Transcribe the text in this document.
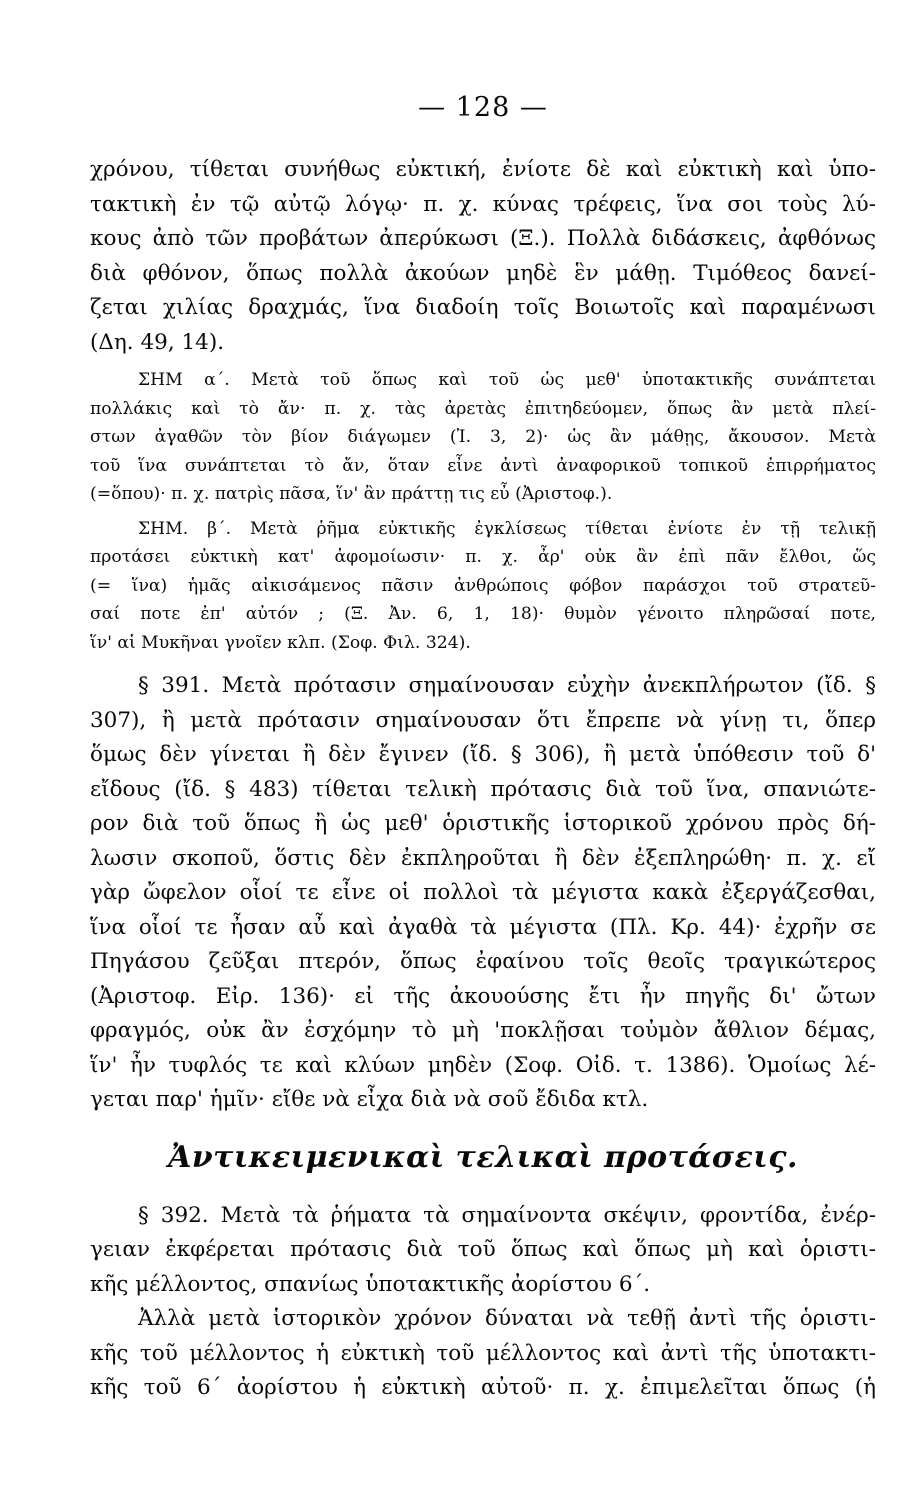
— 128 —
χρόνου, τίθεται συνήθως εὐκτική, ἐνίοτε δὲ καὶ εὐκτικὴ καὶ ὑπο-
τακτικὴ ἐν τῷ αὐτῷ λόγῳ· π. χ. κύνας τρέφεις, ἵνα σοι τοὺς λύ-
κους ἀπὸ τῶν προβάτων ἀπερύκωσι (Ξ.). Πολλὰ διδάσκεις, ἀφθόνως
διὰ φθόνον, ὅπως πολλὰ ἀκούων μηδὲ ἓν μάθῃ. Τιμόθεος δανεί-
ζεται χιλίας δραχμάς, ἵνα διαδοίη τοῖς Βοιωτοῖς καὶ παραμένωσι
(Δη. 49, 14).
ΣΗΜ α΄. Μετὰ τοῦ ὅπως καὶ τοῦ ὡς μεθ' ὑποτακτικῆς συνάπτεται
πολλάκις καὶ τὸ ἄν· π. χ. τὰς ἀρετὰς ἐπιτηδεύομεν, ὅπως ἂν μετὰ πλεί-
στων ἀγαθῶν τὸν βίον διάγωμεν (Ἰ. 3, 2)· ὡς ἂν μάθῃς, ἄκουσον. Μετὰ
τοῦ ἵνα συνάπτεται τὸ ἄν, ὅταν εἶνε ἀντὶ ἀναφορικοῦ τοπικοῦ ἐπιρρήματος
(=ὅπου)· π. χ. πατρὶς πᾶσα, ἵν' ἂν πράττῃ τις εὖ (Ἀριστοφ.).
ΣΗΜ. β΄. Μετὰ ῥῆμα εὐκτικῆς ἐγκλίσεως τίθεται ἐνίοτε ἐν τῇ τελικῇ
προτάσει εὐκτικὴ κατ' ἀφομοίωσιν· π. χ. ἆρ' οὐκ ἂν ἐπὶ πᾶν ἔλθοι, ὥς
(= ἵνα) ἡμᾶς αἰκισάμενος πᾶσιν ἀνθρώποις φόβον παράσχοι τοῦ στρατεῦ-
σαί ποτε ἐπ' αὐτόν ; (Ξ. Ἀν. 6, 1, 18)· θυμὸν γένοιτο πληρῶσαί ποτε,
ἵν' αἱ Μυκῆναι γνοῖεν κλπ. (Σοφ. Φιλ. 324).
§ 391. Μετὰ πρότασιν σημαίνουσαν εὐχὴν ἀνεκπλήρωτον (ἴδ. §
307), ἢ μετὰ πρότασιν σημαίνουσαν ὅτι ἔπρεπε νὰ γίνῃ τι, ὅπερ
ὅμως δὲν γίνεται ἢ δὲν ἔγινεν (ἴδ. § 306), ἢ μετὰ ὑπόθεσιν τοῦ δ'
εἴδους (ἴδ. § 483) τίθεται τελικὴ πρότασις διὰ τοῦ ἵνα, σπανιώτε-
ρον διὰ τοῦ ὅπως ἢ ὡς μεθ' ὁριστικῆς ἱστορικοῦ χρόνου πρὸς δή-
λωσιν σκοποῦ, ὅστις δὲν ἐκπληροῦται ἢ δὲν ἐξεπληρώθη· π. χ. εἴ
γὰρ ὤφελον οἷοί τε εἶνε οἱ πολλοὶ τὰ μέγιστα κακὰ ἐξεργάζεσθαι,
ἵνα οἷοί τε ἦσαν αὖ καὶ ἀγαθὰ τὰ μέγιστα (Πλ. Κρ. 44)· ἐχρῆν σε
Πηγάσου ζεῦξαι πτερόν, ὅπως ἐφαίνου τοῖς θεοῖς τραγικώτερος
(Ἀριστοφ. Εἰρ. 136)· εἰ τῆς ἀκουούσης ἔτι ἦν πηγῆς δι' ὤτων
φραγμός, οὐκ ἂν ἐσχόμην τὸ μὴ 'ποκλῇσαι τοὐμὸν ἄθλιον δέμας,
ἵν' ἦν τυφλός τε καὶ κλύων μηδὲν (Σοφ. Οἰδ. τ. 1386). Ὁμοίως λέ-
γεται παρ' ἡμῖν· εἴθε νὰ εἶχα διὰ νὰ σοῦ ἔδιδα κτλ.
Ἀντικειμενικαὶ τελικαὶ προτάσεις.
§ 392. Μετὰ τὰ ῥήματα τὰ σημαίνοντα σκέψιν, φροντίδα, ἐνέρ-
γειαν ἐκφέρεται πρότασις διὰ τοῦ ὅπως καὶ ὅπως μὴ καὶ ὁριστι-
κῆς μέλλοντος, σπανίως ὑποτακτικῆς ἀορίστου 6΄.
Ἀλλὰ μετὰ ἱστορικὸν χρόνον δύναται νὰ τεθῇ ἀντὶ τῆς ὁριστι-
κῆς τοῦ μέλλοντος ἡ εὐκτικὴ τοῦ μέλλοντος καὶ ἀντὶ τῆς ὑποτακτι-
κῆς τοῦ 6΄ ἀορίστου ἡ εὐκτικὴ αὐτοῦ· π. χ. ἐπιμελεῖται ὅπως (ἡ
